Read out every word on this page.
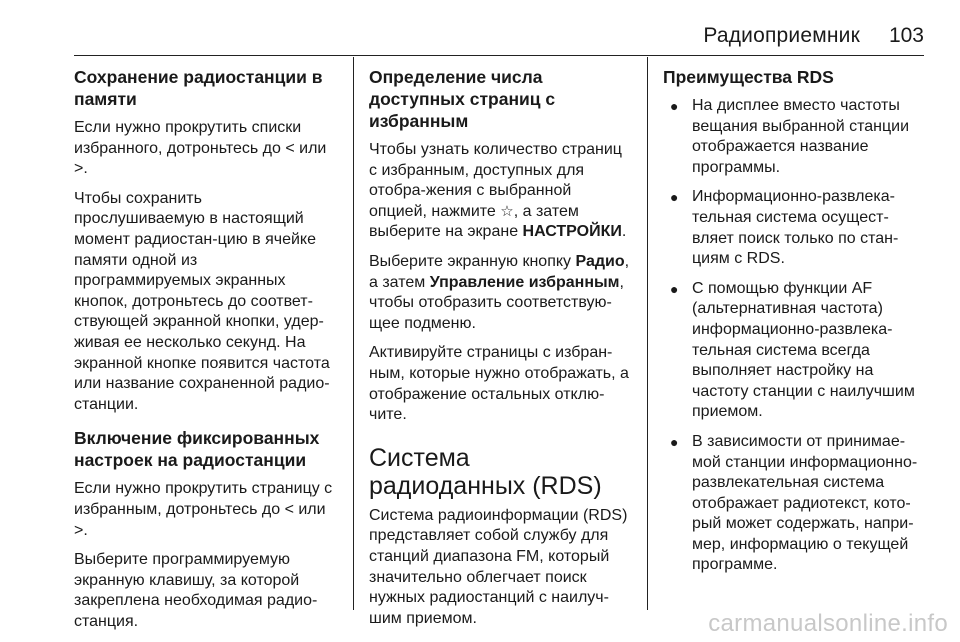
Радиоприемник 103
Сохранение радиостанции в памяти

Если нужно прокрутить списки избранного, дотроньтесь до < или >.

Чтобы сохранить прослушиваемую в настоящий момент радиостан-цию в ячейке памяти одной из программируемых экранных кнопок, дотроньтесь до соответ-ствующей экранной кнопки, удер-живая ее несколько секунд. На экранной кнопке появится частота или название сохраненной радио-станции.

Включение фиксированных настроек на радиостанции

Если нужно прокрутить страницу с избранным, дотроньтесь до < или >.

Выберите программируемую экранную клавишу, за которой закреплена необходимая радио-станция.

Определение числа доступных страниц с избранным

Чтобы узнать количество страниц с избранным, доступных для отобра-жения с выбранной опцией, нажмите ☆, а затем выберите на экране НАСТРОЙКИ.

Выберите экранную кнопку Радио, а затем Управление избранным, чтобы отобразить соответствую-щее подменю.

Активируйте страницы с избран-ным, которые нужно отображать, а отображение остальных отклю-чите.

Система радиоданных (RDS)

Система радиоинформации (RDS) представляет собой службу для станций диапазона FM, который значительно облегчает поиск нужных радиостанций с наилуч-шим приемом.

Преимущества RDS
● На дисплее вместо частоты вещания выбранной станции отображается название программы.
● Информационно-развлека-тельная система осущест-вляет поиск только по стан-циям с RDS.
● С помощью функции AF (альтернативная частота) информационно-развлека-тельная система всегда выполняет настройку на частоту станции с наилучшим приемом.
● В зависимости от принимае-мой станции информационно-развлекательная система отображает радиотекст, кото-рый может содержать, напри-мер, информацию о текущей программе.
carmanualsonline.info
